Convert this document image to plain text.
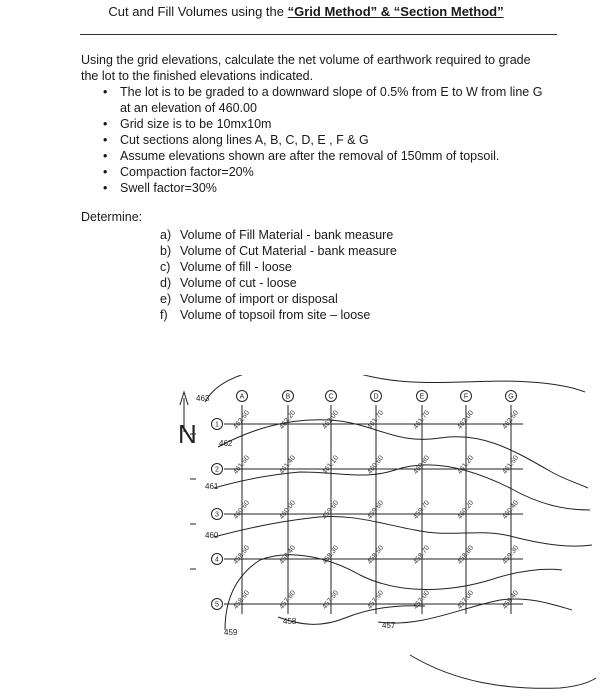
Cut and Fill Volumes using the “Grid Method” & “Section Method”
Using the grid elevations, calculate the net volume of earthwork required to grade the lot to the finished elevations indicated.
• The lot is to be graded to a downward slope of 0.5% from E to W from line G at an elevation of 460.00
• Grid size is to be 10mx10m
• Cut sections along lines A, B, C, D, E , F & G
• Assume elevations shown are after the removal of 150mm of topsoil.
• Compaction factor=20%
• Swell factor=30%
Determine:
a) Volume of Fill Material - bank measure
b) Volume of Cut Material - bank measure
c) Volume of fill - loose
d) Volume of cut - loose
e) Volume of import or disposal
f) Volume of topsoil from site – loose
N
463
462
461
460
459
458	457
A	B	C	D	E	F	G
1
2
3
4
5
462.50	462.20	462.00	461.70	461.70	462.00	462.50
461.50	461.40	461.10	460.60	460.80	461.20	461.50
460.50	460.00	459.60	459.60	459.70	460.20	460.40
458.50	458.40	458.30	458.50	458.70	458.80	459.30
458.50	457.80	457.50	457.50	457.00	457.00	458.40
